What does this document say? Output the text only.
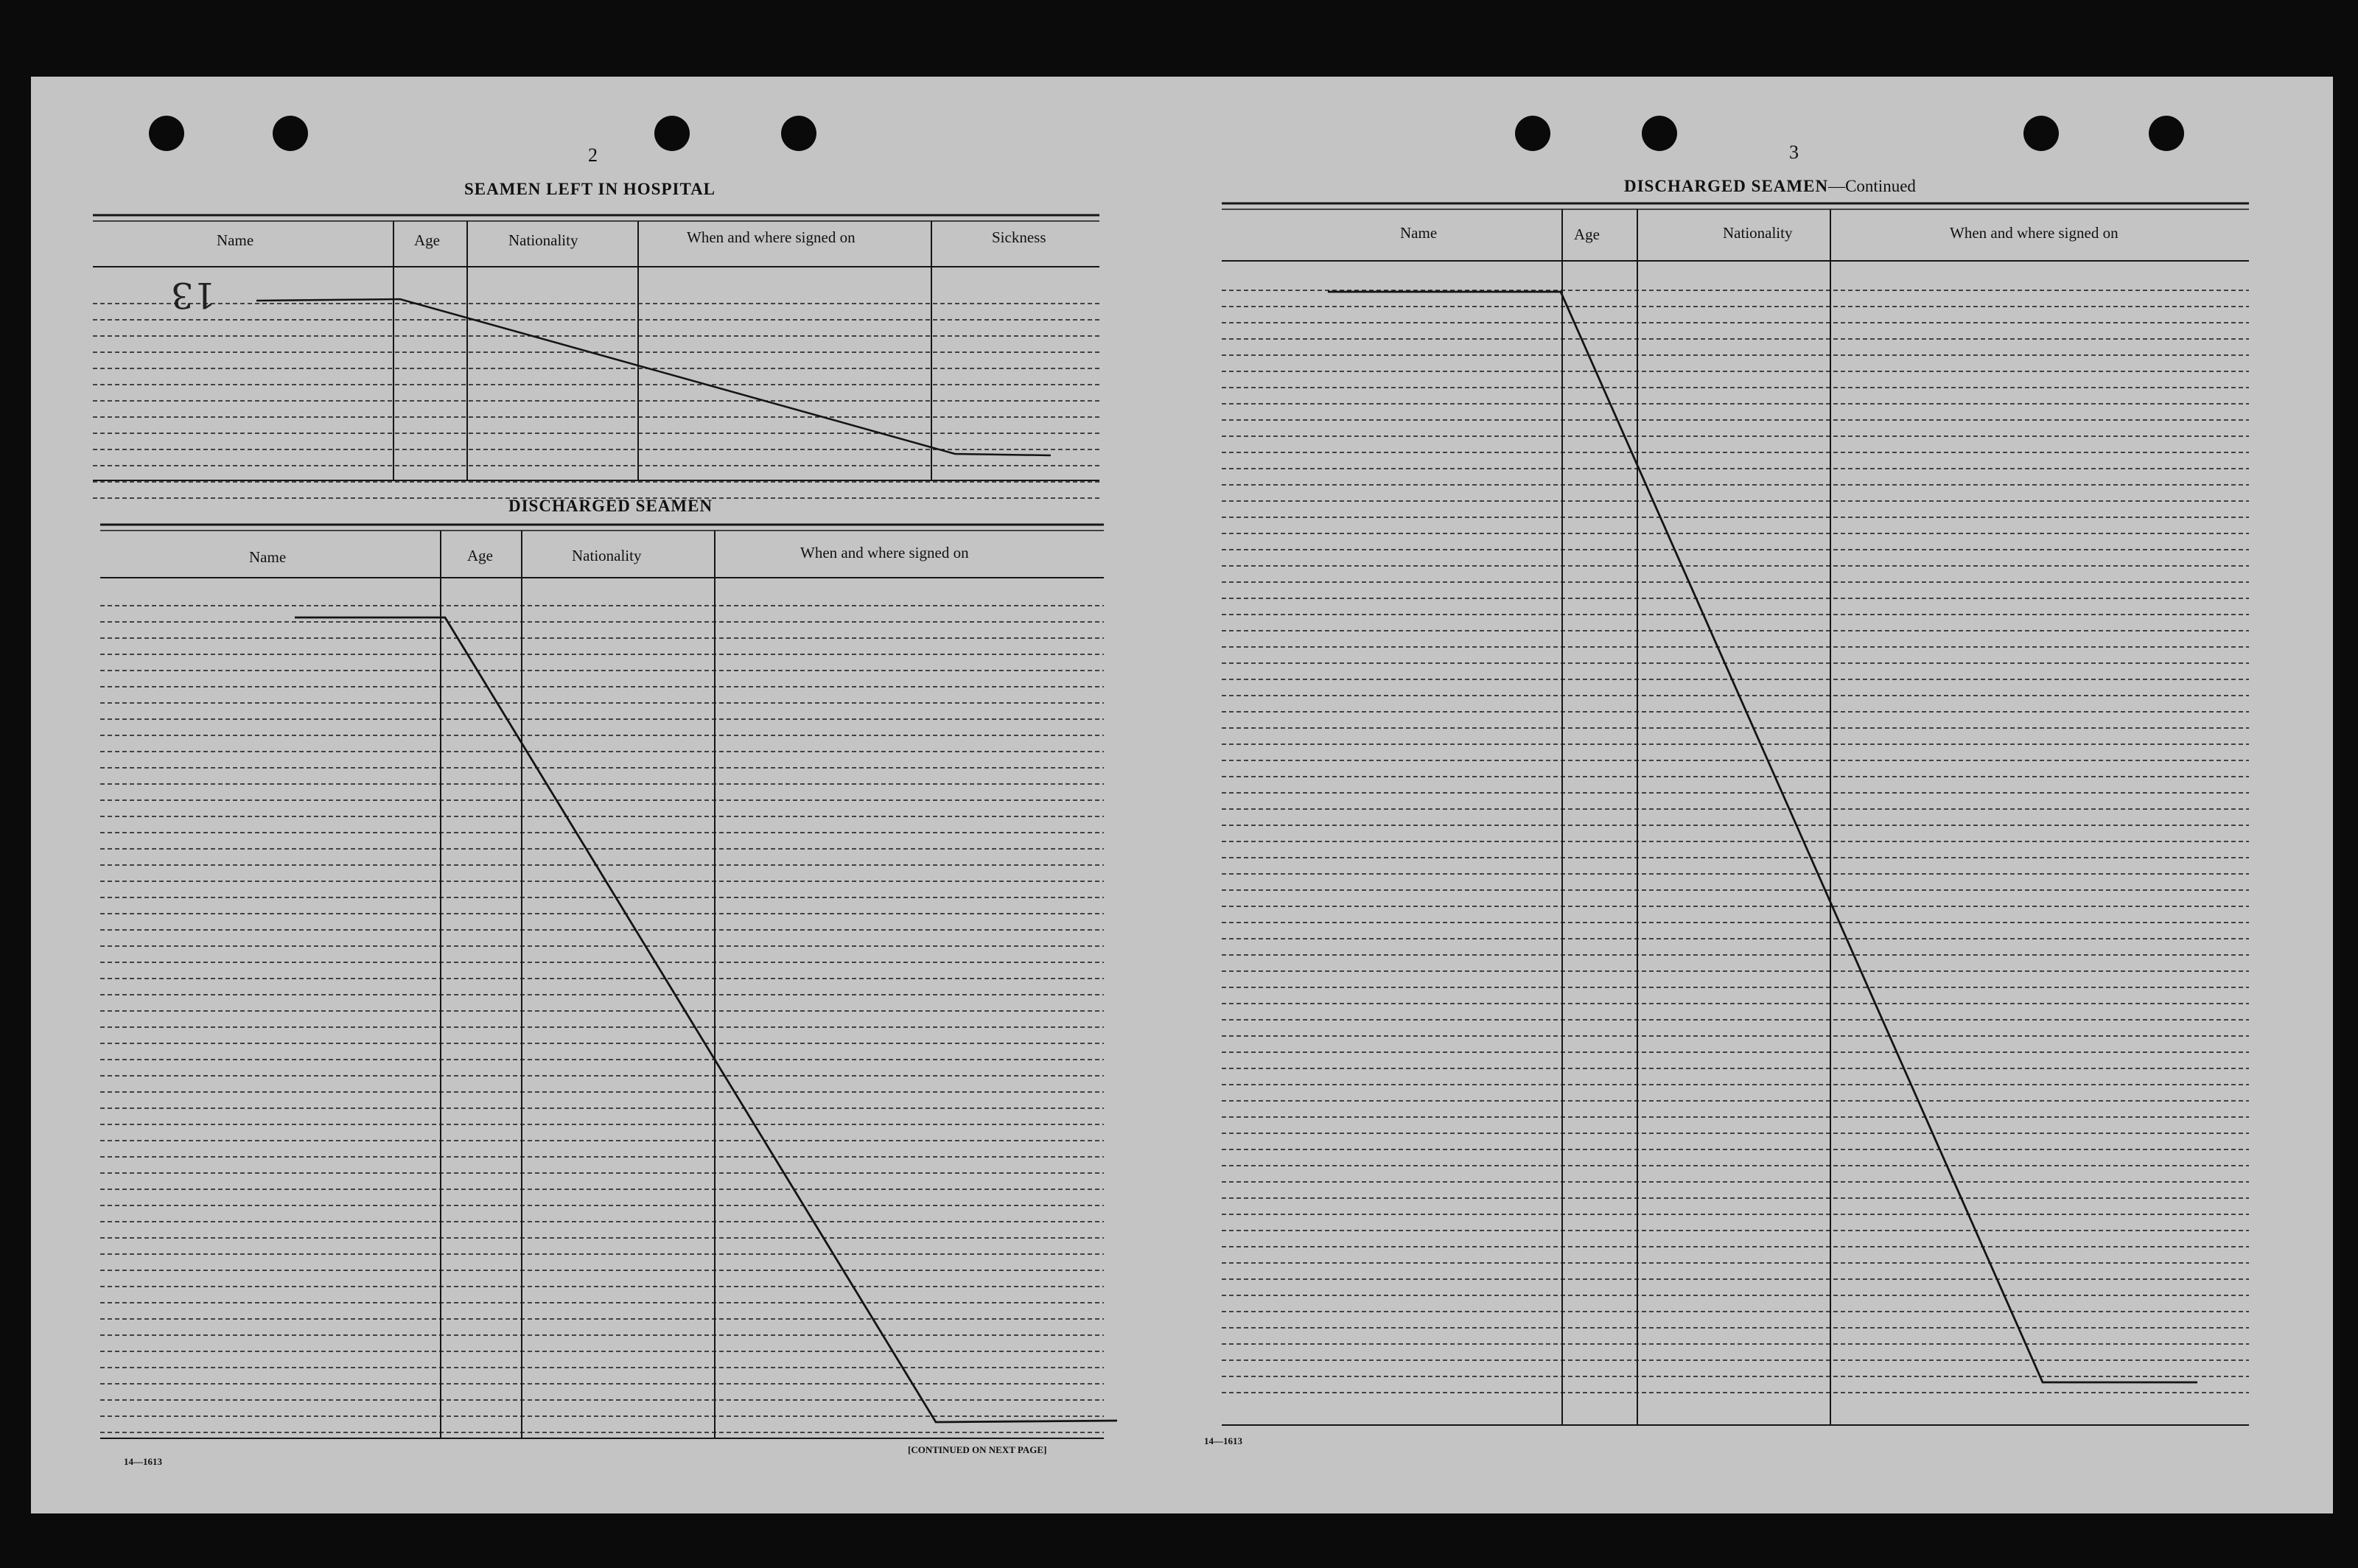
2
SEAMEN LEFT IN HOSPITAL
Name	Age	Nationality	When and where signed on	Sickness
13
DISCHARGED SEAMEN
Name	Age	Nationality	When and where signed on
14—1613
[CONTINUED ON NEXT PAGE]
3
DISCHARGED SEAMEN—Continued
Name	Age	Nationality	When and where signed on
14—1613
